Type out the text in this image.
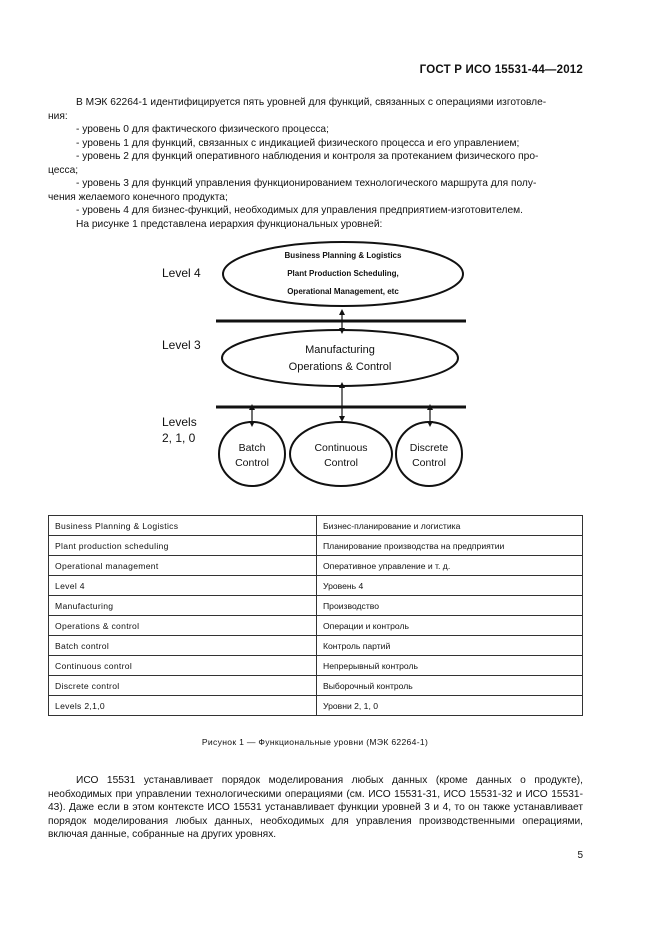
ГОСТ Р ИСО 15531-44—2012
В МЭК 62264-1 идентифицируется пять уровней для функций, связанных с операциями изготовле-
ния:
- уровень 0 для фактического физического процесса;
- уровень 1 для функций, связанных с индикацией физического процесса и его управлением;
- уровень 2 для функций оперативного наблюдения и контроля за протеканием физического про-
цесса;
- уровень 3 для функций управления функционированием технологического маршрута для полу-
чения желаемого конечного продукта;
- уровень 4 для бизнес-функций, необходимых для управления предприятием-изготовителем.
На рисунке 1 представлена иерархия функциональных уровней:
Level 4
Level 3
Levels
2, 1, 0
Business Planning & Logistics
Plant Production Scheduling,
Operational Management, etc
Manufacturing
Operations & Control
Batch
Control
Continuous
Control
Discrete
Control
Business Planning & Logistics	Бизнес-планирование и логистика
Plant production scheduling	Планирование производства на предприятии
Operational management	Оперативное управление и т. д.
Level 4	Уровень 4
Manufacturing	Производство
Operations & control	Операции и контроль
Batch control	Контроль партий
Continuous control	Непрерывный контроль
Discrete control	Выборочный контроль
Levels 2,1,0	Уровни 2, 1, 0
Рисунок 1 — Функциональные уровни (МЭК 62264-1)

ИСО 15531 устанавливает порядок моделирования любых данных (кроме данных о продукте), необходимых при управлении технологическими операциями (см. ИСО 15531-31, ИСО 15531-32 и ИСО 15531-43). Даже если в этом контексте ИСО 15531 устанавливает функции уровней 3 и 4, то он также устанавливает порядок моделирования любых данных, необходимых для управления производственными операциями, включая данные, собранные на других уровнях.

5
